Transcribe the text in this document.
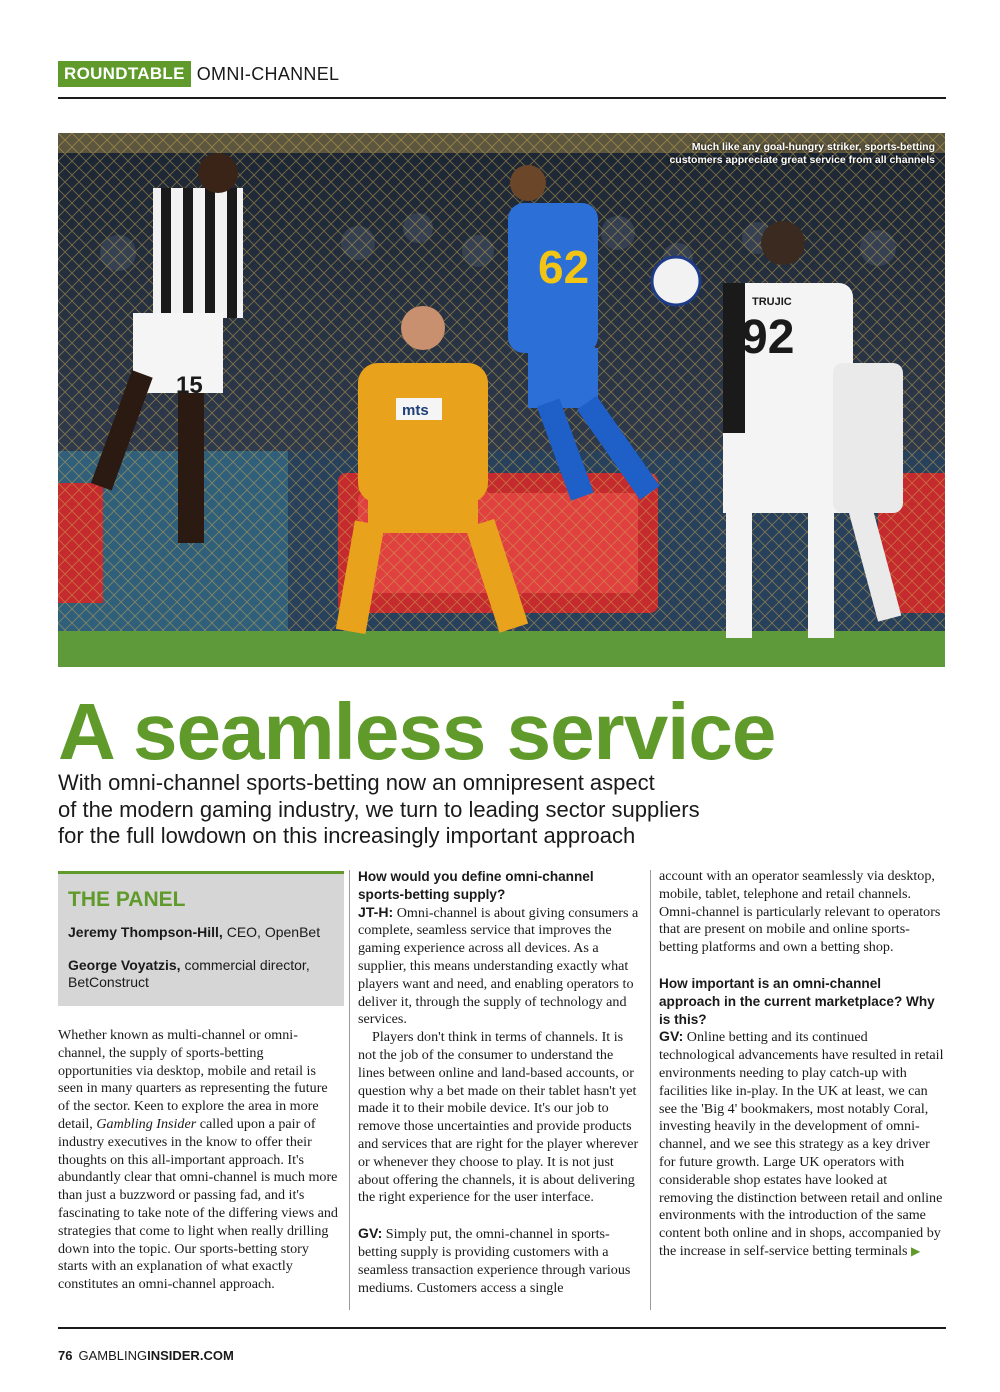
ROUNDTABLE OMNI-CHANNEL
15
mts
62
TRUJIC
92
Much like any goal-hungry striker, sports-betting
customers appreciate great service from all channels
A seamless service
With omni-channel sports-betting now an omnipresent aspect
of the modern gaming industry, we turn to leading sector suppliers
for the full lowdown on this increasingly important approach
THE PANEL
Jeremy Thompson-Hill, CEO, OpenBet
George Voyatzis, commercial director, BetConstruct

Whether known as multi-channel or omni-channel, the supply of sports-betting opportunities via desktop, mobile and retail is seen in many quarters as representing the future of the sector. Keen to explore the area in more detail, Gambling Insider called upon a pair of industry executives in the know to offer their thoughts on this all-important approach. It's abundantly clear that omni-channel is much more than just a buzzword or passing fad, and it's fascinating to take note of the differing views and strategies that come to light when really drilling down into the topic. Our sports-betting story starts with an explanation of what exactly constitutes an omni-channel approach.

How would you define omni-channel sports-betting supply?

JT-H: Omni-channel is about giving consumers a complete, seamless service that improves the gaming experience across all devices. As a supplier, this means understanding exactly what players want and need, and enabling operators to deliver it, through the supply of technology and services.

Players don't think in terms of channels. It is not the job of the consumer to understand the lines between online and land-based accounts, or question why a bet made on their tablet hasn't yet made it to their mobile device. It's our job to remove those uncertainties and provide products and services that are right for the player wherever or whenever they choose to play. It is not just about offering the channels, it is about delivering the right experience for the user interface.

GV: Simply put, the omni-channel in sports-betting supply is providing customers with a seamless transaction experience through various mediums. Customers access a single

account with an operator seamlessly via desktop, mobile, tablet, telephone and retail channels. Omni-channel is particularly relevant to operators that are present on mobile and online sports-betting platforms and own a betting shop.

How important is an omni-channel approach in the current marketplace? Why is this?

GV: Online betting and its continued technological advancements have resulted in retail environments needing to play catch-up with facilities like in-play. In the UK at least, we can see the 'Big 4' bookmakers, most notably Coral, investing heavily in the development of omni-channel, and we see this strategy as a key driver for future growth. Large UK operators with considerable shop estates have looked at removing the distinction between retail and online environments with the introduction of the same content both online and in shops, accompanied by the increase in self-service betting terminals ▶

76 GAMBLINGINSIDER.COM
